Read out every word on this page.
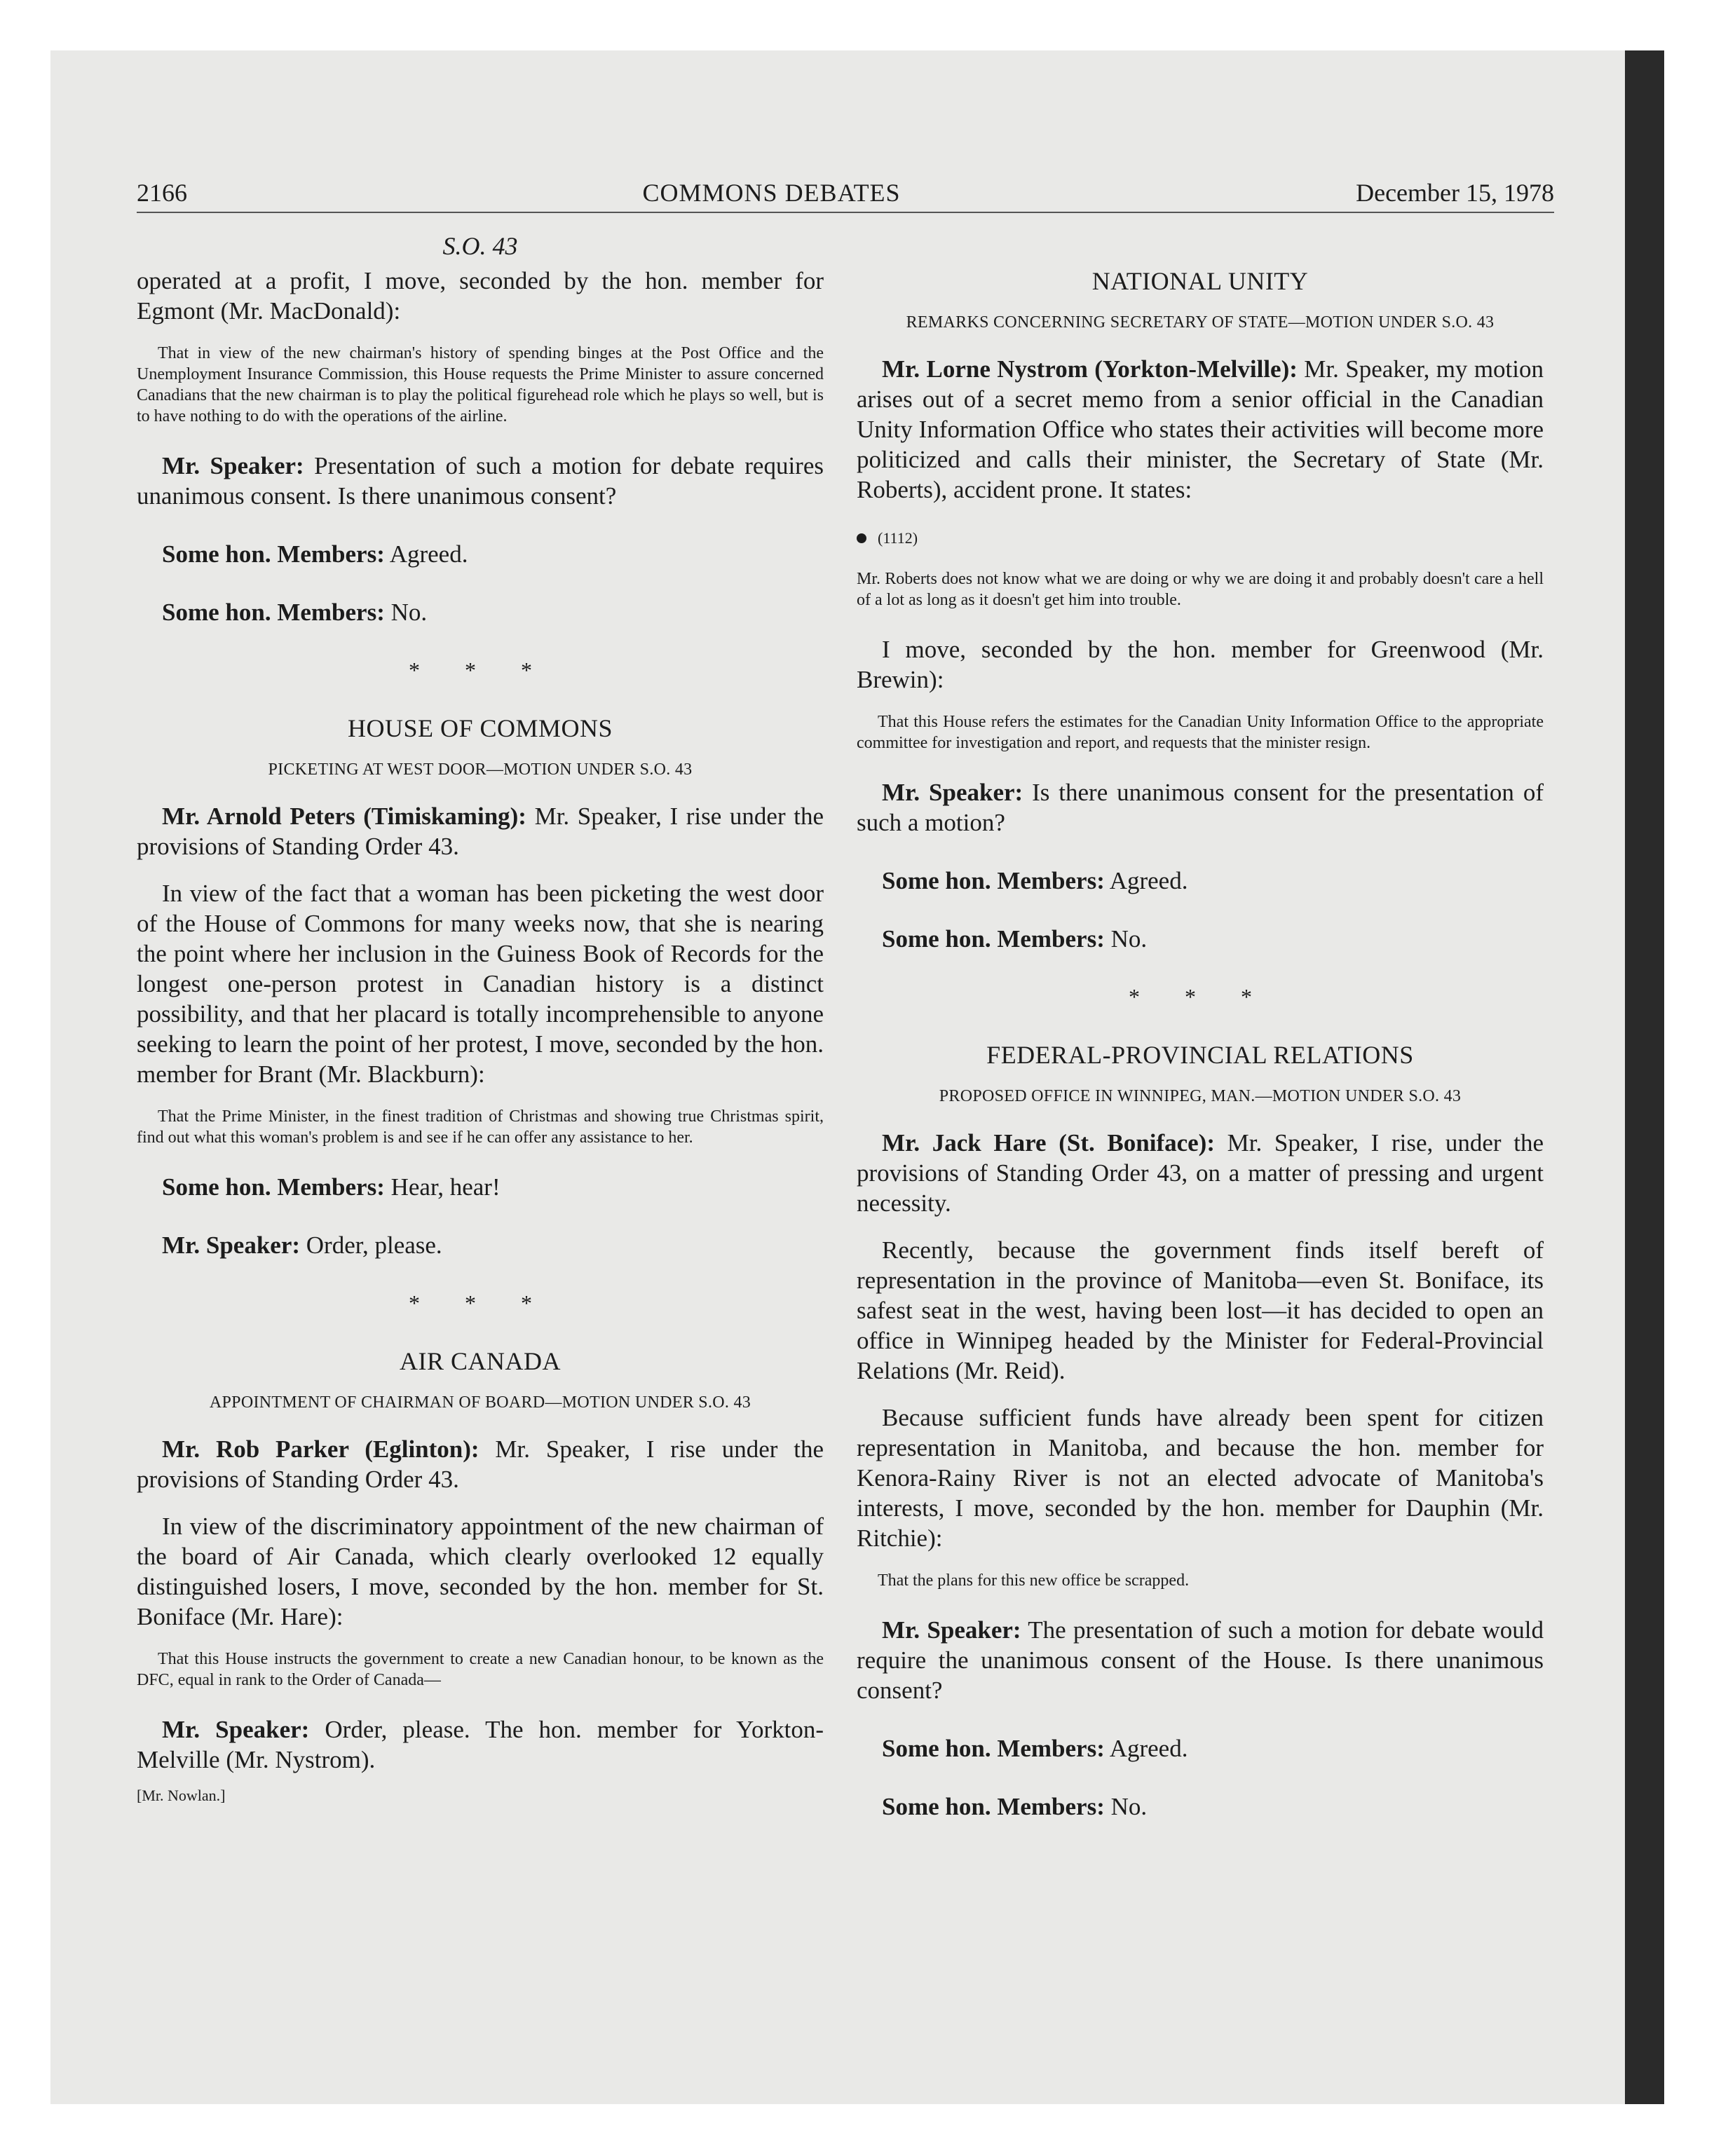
2166	COMMONS DEBATES	December 15, 1978
S.O. 43

operated at a profit, I move, seconded by the hon. member for Egmont (Mr. MacDonald):

That in view of the new chairman's history of spending binges at the Post Office and the Unemployment Insurance Commission, this House requests the Prime Minister to assure concerned Canadians that the new chairman is to play the political figurehead role which he plays so well, but is to have nothing to do with the operations of the airline.

Mr. Speaker: Presentation of such a motion for debate requires unanimous consent. Is there unanimous consent?

Some hon. Members: Agreed.

Some hon. Members: No.

* * *
HOUSE OF COMMONS
PICKETING AT WEST DOOR—MOTION UNDER S.O. 43

Mr. Arnold Peters (Timiskaming): Mr. Speaker, I rise under the provisions of Standing Order 43.

In view of the fact that a woman has been picketing the west door of the House of Commons for many weeks now, that she is nearing the point where her inclusion in the Guiness Book of Records for the longest one-person protest in Canadian history is a distinct possibility, and that her placard is totally incomprehensible to anyone seeking to learn the point of her protest, I move, seconded by the hon. member for Brant (Mr. Blackburn):

That the Prime Minister, in the finest tradition of Christmas and showing true Christmas spirit, find out what this woman's problem is and see if he can offer any assistance to her.

Some hon. Members: Hear, hear!

Mr. Speaker: Order, please.

* * *
AIR CANADA
APPOINTMENT OF CHAIRMAN OF BOARD—MOTION UNDER S.O. 43

Mr. Rob Parker (Eglinton): Mr. Speaker, I rise under the provisions of Standing Order 43.

In view of the discriminatory appointment of the new chairman of the board of Air Canada, which clearly overlooked 12 equally distinguished losers, I move, seconded by the hon. member for St. Boniface (Mr. Hare):

That this House instructs the government to create a new Canadian honour, to be known as the DFC, equal in rank to the Order of Canada—

Mr. Speaker: Order, please. The hon. member for Yorkton-Melville (Mr. Nystrom).

[Mr. Nowlan.]
NATIONAL UNITY
REMARKS CONCERNING SECRETARY OF STATE—MOTION UNDER S.O. 43

Mr. Lorne Nystrom (Yorkton-Melville): Mr. Speaker, my motion arises out of a secret memo from a senior official in the Canadian Unity Information Office who states their activities will become more politicized and calls their minister, the Secretary of State (Mr. Roberts), accident prone. It states:

(1112)

Mr. Roberts does not know what we are doing or why we are doing it and probably doesn't care a hell of a lot as long as it doesn't get him into trouble.

I move, seconded by the hon. member for Greenwood (Mr. Brewin):

That this House refers the estimates for the Canadian Unity Information Office to the appropriate committee for investigation and report, and requests that the minister resign.

Mr. Speaker: Is there unanimous consent for the presentation of such a motion?

Some hon. Members: Agreed.

Some hon. Members: No.

* * *
FEDERAL-PROVINCIAL RELATIONS
PROPOSED OFFICE IN WINNIPEG, MAN.—MOTION UNDER S.O. 43

Mr. Jack Hare (St. Boniface): Mr. Speaker, I rise, under the provisions of Standing Order 43, on a matter of pressing and urgent necessity.

Recently, because the government finds itself bereft of representation in the province of Manitoba—even St. Boniface, its safest seat in the west, having been lost—it has decided to open an office in Winnipeg headed by the Minister for Federal-Provincial Relations (Mr. Reid).

Because sufficient funds have already been spent for citizen representation in Manitoba, and because the hon. member for Kenora-Rainy River is not an elected advocate of Manitoba's interests, I move, seconded by the hon. member for Dauphin (Mr. Ritchie):

That the plans for this new office be scrapped.

Mr. Speaker: The presentation of such a motion for debate would require the unanimous consent of the House. Is there unanimous consent?

Some hon. Members: Agreed.

Some hon. Members: No.
